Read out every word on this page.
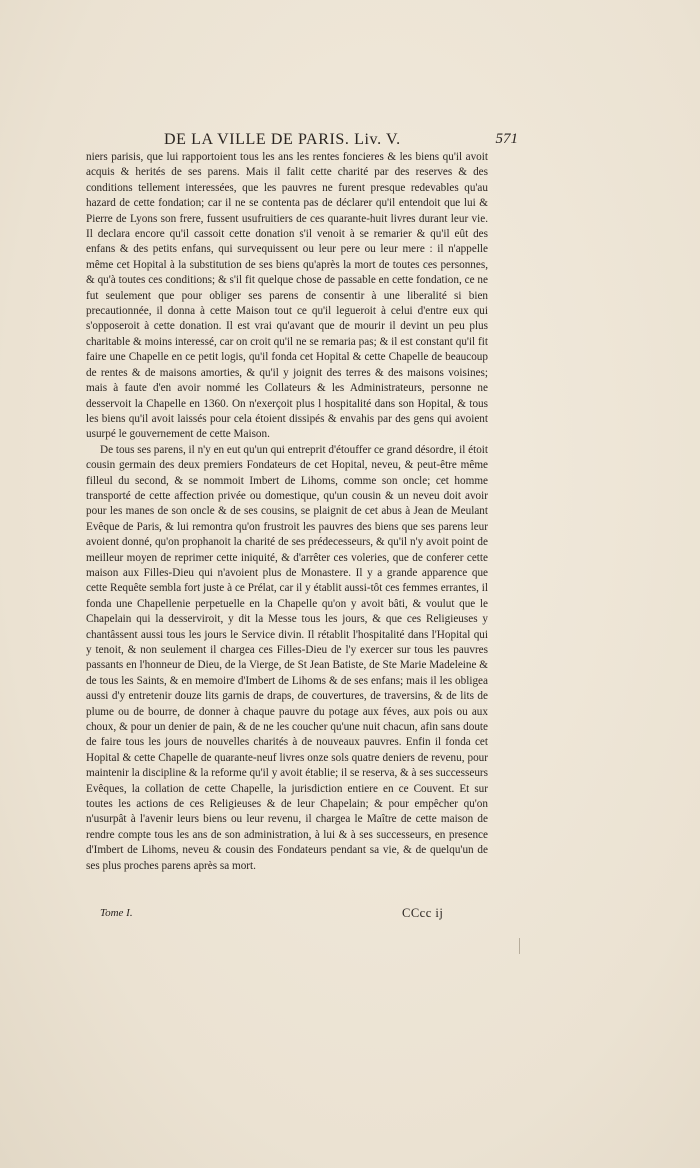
DE LA VILLE DE PARIS. Liv. V.	571

niers parisis, que lui rapportoient tous les ans les rentes foncieres & les biens qu'il avoit acquis & herités de ses parens. Mais il falit cette charité par des reserves & des conditions tellement interessées, que les pauvres ne furent presque redevables qu'au hazard de cette fondation; car il ne se contenta pas de déclarer qu'il entendoit que lui & Pierre de Lyons son frere, fussent usufruitiers de ces quarante-huit livres durant leur vie. Il declara encore qu'il cassoit cette donation s'il venoit à se remarier & qu'il eût des enfans & des petits enfans, qui survequissent ou leur pere ou leur mere : il n'appelle même cet Hopital à la substitution de ses biens qu'après la mort de toutes ces personnes, & qu'à toutes ces conditions; & s'il fit quelque chose de passable en cette fondation, ce ne fut seulement que pour obliger ses parens de consentir à une liberalité si bien precautionnée, il donna à cette Maison tout ce qu'il legueroit à celui d'entre eux qui s'opposeroit à cette donation. Il est vrai qu'avant que de mourir il devint un peu plus charitable & moins interessé, car on croit qu'il ne se remaria pas; & il est constant qu'il fit faire une Chapelle en ce petit logis, qu'il fonda cet Hopital & cette Chapelle de beaucoup de rentes & de maisons amorties, & qu'il y joignit des terres & des maisons voisines; mais à faute d'en avoir nommé les Collateurs & les Administrateurs, personne ne desservoit la Chapelle en 1360. On n'exerçoit plus l hospitalité dans son Hopital, & tous les biens qu'il avoit laissés pour cela étoient dissipés & envahis par des gens qui avoient usurpé le gouvernement de cette Maison.

De tous ses parens, il n'y en eut qu'un qui entreprit d'étouffer ce grand désordre, il étoit cousin germain des deux premiers Fondateurs de cet Hopital, neveu, & peut-être même filleul du second, & se nommoit Imbert de Lihoms, comme son oncle; cet homme transporté de cette affection privée ou domestique, qu'un cousin & un neveu doit avoir pour les manes de son oncle & de ses cousins, se plaignit de cet abus à Jean de Meulant Evêque de Paris, & lui remontra qu'on frustroit les pauvres des biens que ses parens leur avoient donné, qu'on prophanoit la charité de ses prédecesseurs, & qu'il n'y avoit point de meilleur moyen de reprimer cette iniquité, & d'arrêter ces voleries, que de conferer cette maison aux Filles-Dieu qui n'avoient plus de Monastere. Il y a grande apparence que cette Requête sembla fort juste à ce Prélat, car il y établit aussi-tôt ces femmes errantes, il fonda une Chapellenie perpetuelle en la Chapelle qu'on y avoit bâti, & voulut que le Chapelain qui la desserviroit, y dit la Messe tous les jours, & que ces Religieuses y chantâssent aussi tous les jours le Service divin. Il rétablit l'hospitalité dans l'Hopital qui y tenoit, & non seulement il chargea ces Filles-Dieu de l'y exercer sur tous les pauvres passants en l'honneur de Dieu, de la Vierge, de St Jean Batiste, de Ste Marie Madeleine & de tous les Saints, & en memoire d'Imbert de Lihoms & de ses enfans; mais il les obligea aussi d'y entretenir douze lits garnis de draps, de couvertures, de traversins, & de lits de plume ou de bourre, de donner à chaque pauvre du potage aux féves, aux pois ou aux choux, & pour un denier de pain, & de ne les coucher qu'une nuit chacun, afin sans doute de faire tous les jours de nouvelles charités à de nouveaux pauvres. Enfin il fonda cet Hopital & cette Chapelle de quarante-neuf livres onze sols quatre deniers de revenu, pour maintenir la discipline & la reforme qu'il y avoit établie; il se reserva, & à ses successeurs Evêques, la collation de cette Chapelle, la jurisdiction entiere en ce Couvent. Et sur toutes les actions de ces Religieuses & de leur Chapelain; & pour empêcher qu'on n'usurpât à l'avenir leurs biens ou leur revenu, il chargea le Maître de cette maison de rendre compte tous les ans de son administration, à lui & à ses successeurs, en presence d'Imbert de Lihoms, neveu & cousin des Fondateurs pendant sa vie, & de quelqu'un de ses plus proches parens après sa mort.

Tome I.	CCcc ij
